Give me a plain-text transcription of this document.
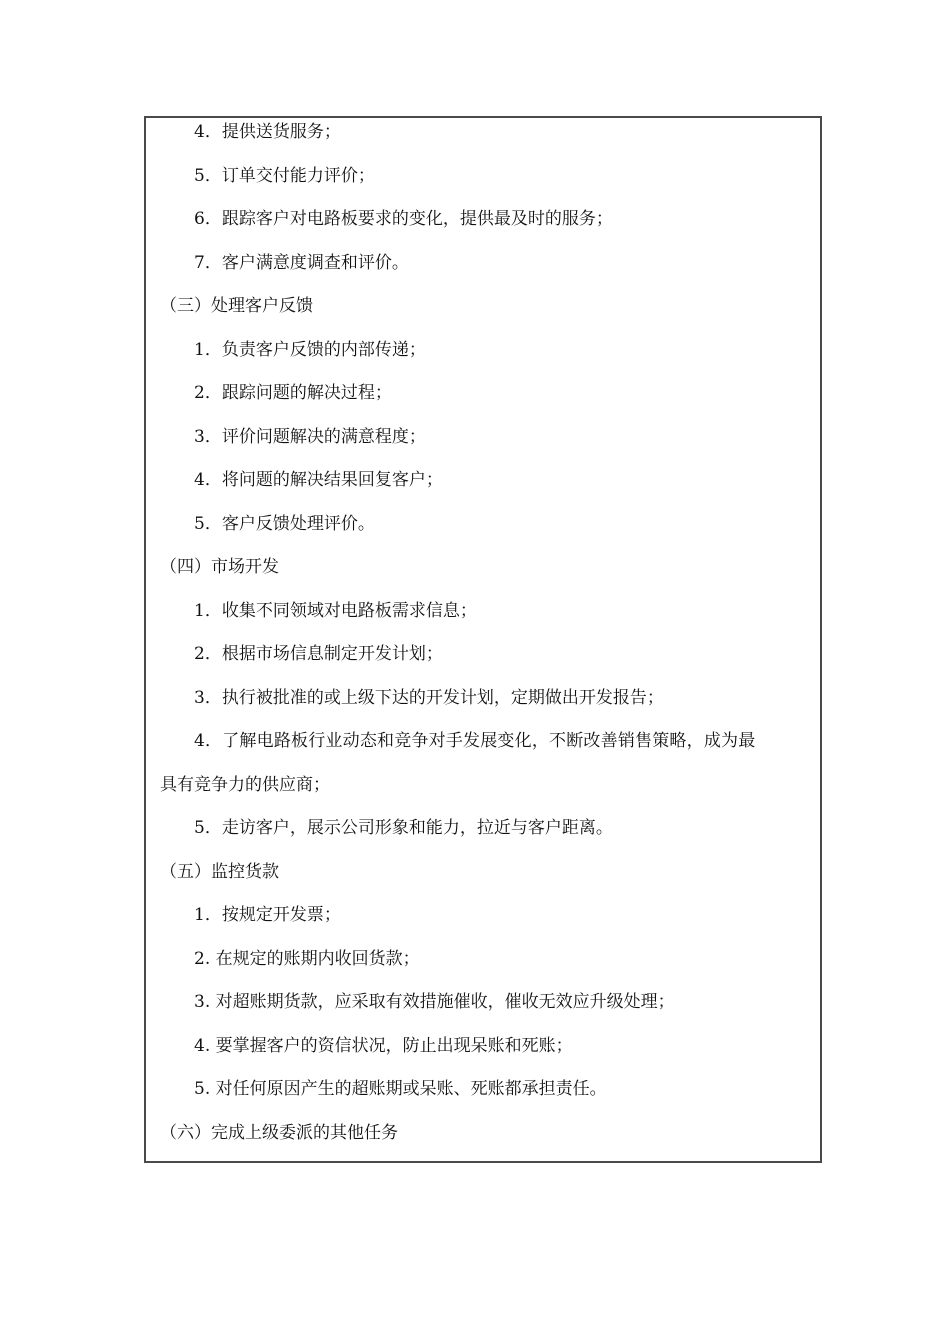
4．提供送货服务；
5．订单交付能力评价；
6．跟踪客户对电路板要求的变化，提供最及时的服务；
7．客户满意度调查和评价。
（三）处理客户反馈
1．负责客户反馈的内部传递；
2．跟踪问题的解决过程；
3．评价问题解决的满意程度；
4．将问题的解决结果回复客户；
5．客户反馈处理评价。
（四）市场开发
1．收集不同领域对电路板需求信息；
2．根据市场信息制定开发计划；
3．执行被批准的或上级下达的开发计划，定期做出开发报告；
4．了解电路板行业动态和竞争对手发展变化，不断改善销售策略，成为最
具有竞争力的供应商；
5．走访客户，展示公司形象和能力，拉近与客户距离。
（五）监控货款
1．按规定开发票；
2. 在规定的账期内收回货款；
3. 对超账期货款，应采取有效措施催收，催收无效应升级处理；
4. 要掌握客户的资信状况，防止出现呆账和死账；
5. 对任何原因产生的超账期或呆账、死账都承担责任。
（六）完成上级委派的其他任务
